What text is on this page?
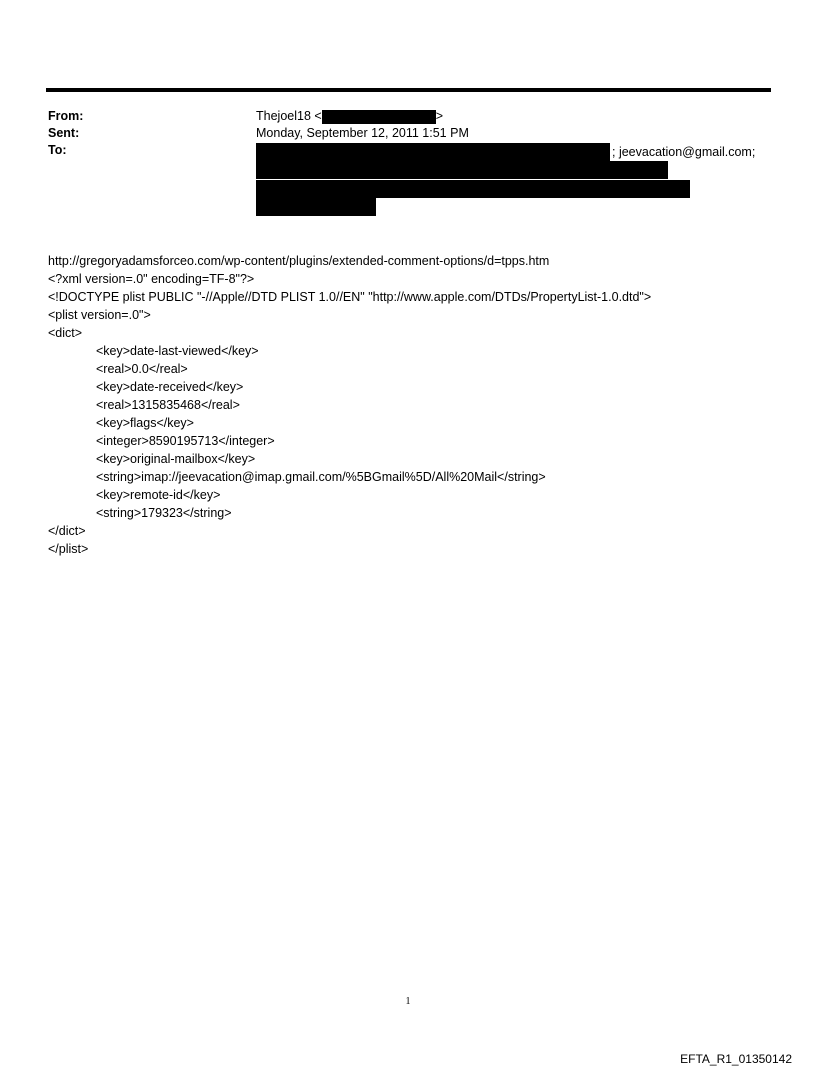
From:
Sent:
To:
Thejoel18 <	>
Monday, September 12, 2011 1:51 PM
; jeevacation@gmail.com;
http://gregoryadamsforceo.com/wp-content/plugins/extended-comment-options/d=tpps.htm
<?xml version=.0" encoding=TF-8"?>
<!DOCTYPE plist PUBLIC "-//Apple//DTD PLIST 1.0//EN" "http://www.apple.com/DTDs/PropertyList-1.0.dtd">
<plist version=.0">
<dict>
<key>date-last-viewed</key>
<real>0.0</real>
<key>date-received</key>
<real>1315835468</real>
<key>flags</key>
<integer>8590195713</integer>
<key>original-mailbox</key>
<string>imap://jeevacation@imap.gmail.com/%5BGmail%5D/All%20Mail</string>
<key>remote-id</key>
<string>179323</string>
</dict>
</plist>
1
EFTA_R1_01350142
